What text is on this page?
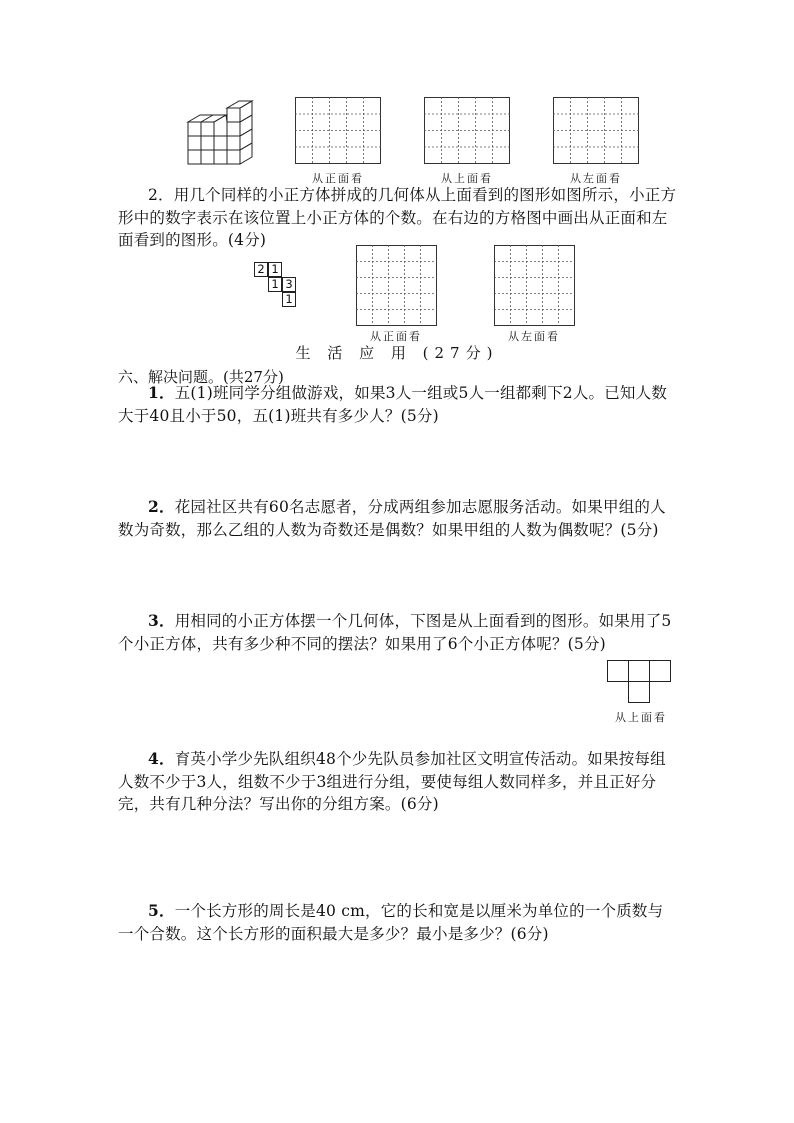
从正面看	从上面看	从左面看
2．用几个同样的小正方体拼成的几何体从上面看到的图形如图所示，小正方形中的数字表示在该位置上小正方体的个数。在右边的方格图中画出从正面和左面看到的图形。(4分)
2 1
1 3
1
从正面看	从左面看
生 活 应 用 (27分)
六、解决问题。(共27分)
1．五(1)班同学分组做游戏，如果3人一组或5人一组都剩下2人。已知人数大于40且小于50，五(1)班共有多少人？(5分)
2．花园社区共有60名志愿者，分成两组参加志愿服务活动。如果甲组的人数为奇数，那么乙组的人数为奇数还是偶数？如果甲组的人数为偶数呢？(5分)
3．用相同的小正方体摆一个几何体，下图是从上面看到的图形。如果用了5个小正方体，共有多少种不同的摆法？如果用了6个小正方体呢？(5分)
从上面看
4．育英小学少先队组织48个少先队员参加社区文明宣传活动。如果按每组人数不少于3人，组数不少于3组进行分组，要使每组人数同样多，并且正好分完，共有几种分法？写出你的分组方案。(6分)
5．一个长方形的周长是40 cm，它的长和宽是以厘米为单位的一个质数与一个合数。这个长方形的面积最大是多少？最小是多少？(6分)
